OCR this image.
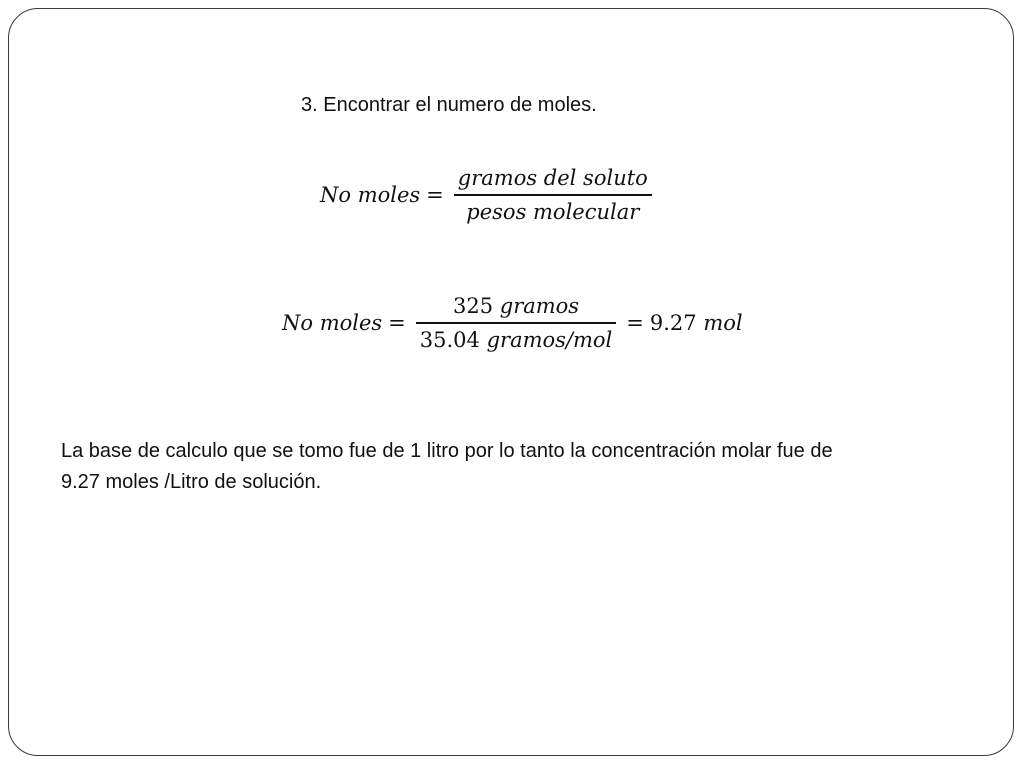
3. Encontrar el numero de moles.
No moles = $\frac{\text{gramos del soluto}}{\text{pesos molecular}}$
No moles = $\frac{\text{325 gramos}}{\text{35.04 gramos/mol}} = 9.27$ mol
La base de calculo que se tomo fue de 1 litro por lo tanto la concentración molar fue de
9.27 moles /Litro de solución.
